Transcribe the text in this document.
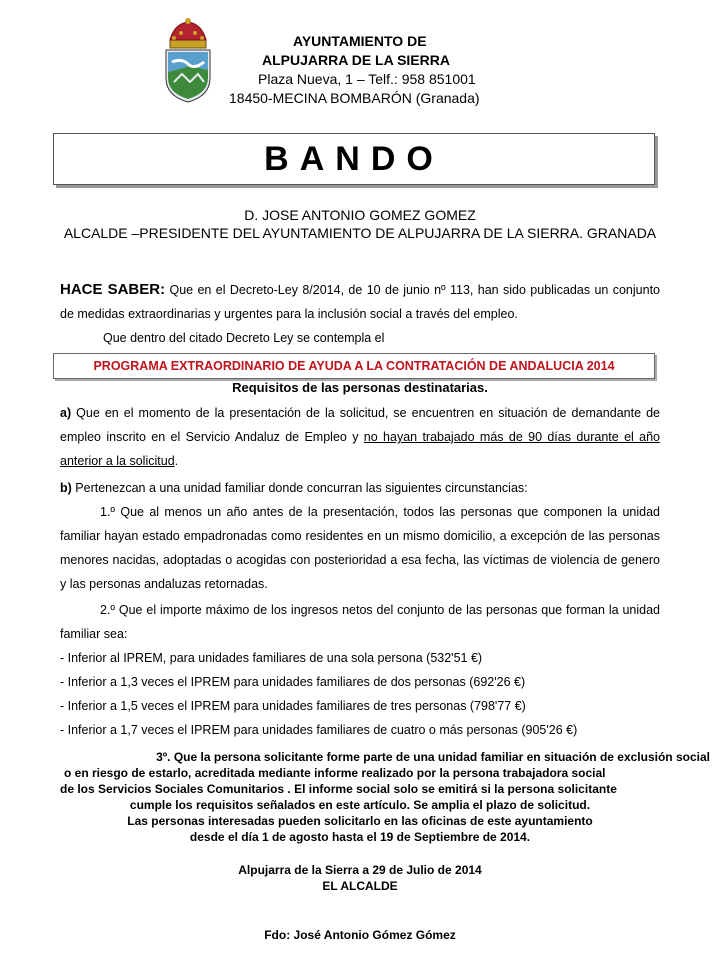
AYUNTAMIENTO DE
ALPUJARRA DE LA SIERRA
Plaza Nueva, 1 – Telf.: 958 851001
18450-MECINA BOMBARÓN (Granada)
BANDO
D. JOSE ANTONIO GOMEZ GOMEZ
ALCALDE –PRESIDENTE DEL AYUNTAMIENTO DE ALPUJARRA DE LA SIERRA. GRANADA
HACE SABER: Que en el Decreto-Ley 8/2014, de 10 de junio nº 113, han sido publicadas un conjunto de medidas extraordinarias y urgentes para la inclusión social a través del empleo.
Que dentro del citado Decreto Ley se contempla el
PROGRAMA EXTRAORDINARIO DE AYUDA A LA CONTRATACIÓN DE ANDALUCIA 2014
Requisitos de las personas destinatarias.
a) Que en el momento de la presentación de la solicitud, se encuentren en situación de demandante de empleo inscrito en el Servicio Andaluz de Empleo y no hayan trabajado más de 90 días durante el año anterior a la solicitud.
b) Pertenezcan a una unidad familiar donde concurran las siguientes circunstancias:
1.º Que al menos un año antes de la presentación, todos las personas que componen la unidad familiar hayan estado empadronadas como residentes en un mismo domicilio, a excepción de las personas menores nacidas, adoptadas o acogidas con posterioridad a esa fecha, las víctimas de violencia de genero y las personas andaluzas retornadas.
2.º Que el importe máximo de los ingresos netos del conjunto de las personas que forman la unidad familiar sea:
- Inferior al IPREM, para unidades familiares de una sola persona (532'51 €)
- Inferior a 1,3 veces el IPREM para unidades familiares de dos personas (692'26 €)
- Inferior a 1,5 veces el IPREM para unidades familiares de tres personas (798'77 €)
- Inferior a 1,7 veces el IPREM para unidades familiares de cuatro o más personas (905'26 €)
3º. Que la persona solicitante forme parte de una unidad familiar en situación de exclusión social
o en riesgo de estarlo, acreditada mediante informe realizado por la persona trabajadora social
de los Servicios Sociales Comunitarios . El informe social solo se emitirá si la persona solicitante
cumple los requisitos señalados en este artículo. Se amplia el plazo de solicitud.
Las personas interesadas pueden solicitarlo en las oficinas de este ayuntamiento
desde el día 1 de agosto hasta el 19 de Septiembre de 2014.
Alpujarra de la Sierra a 29 de Julio de 2014
EL ALCALDE
Fdo: José Antonio Gómez Gómez
